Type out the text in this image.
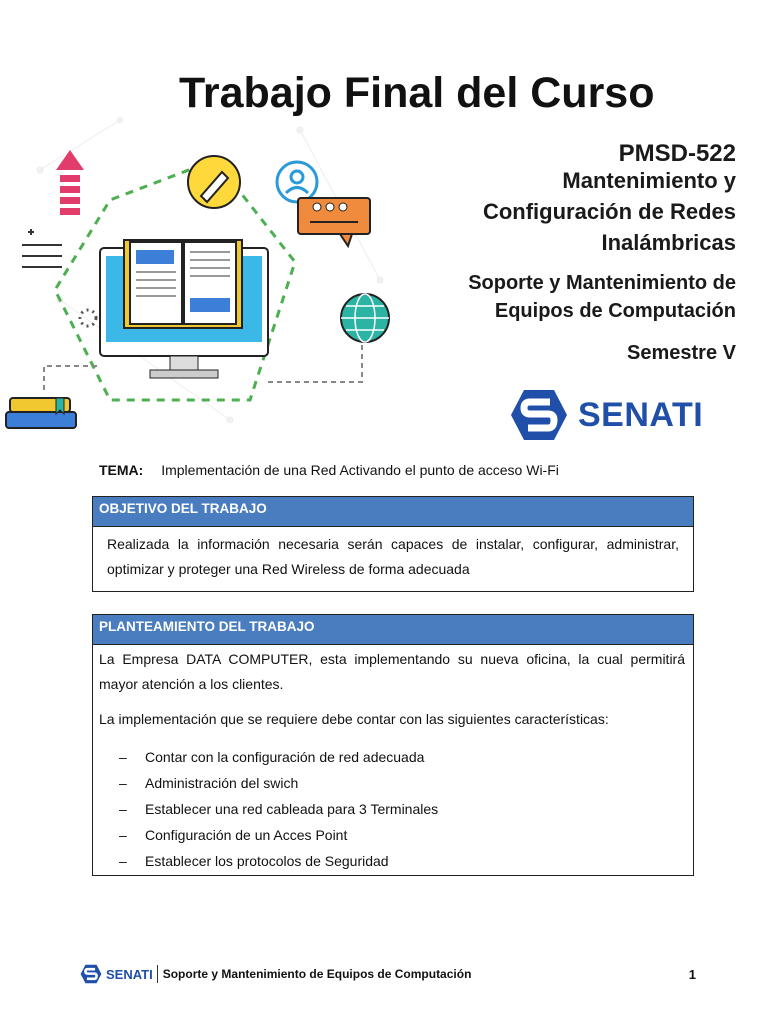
Trabajo Final del Curso
PMSD-522
Mantenimiento y
Configuración de Redes
Inalámbricas
Soporte y Mantenimiento de
Equipos de Computación
Semestre V
SENATI
TEMA: Implementación de una Red Activando el punto de acceso Wi-Fi
OBJETIVO DEL TRABAJO
Realizada la información necesaria serán capaces de instalar, configurar, administrar, optimizar y proteger una Red Wireless de forma adecuada
PLANTEAMIENTO DEL TRABAJO

La Empresa DATA COMPUTER, esta implementando su nueva oficina, la cual permitirá mayor atención a los clientes.

La implementación que se requiere debe contar con las siguientes características:

–	Contar con la configuración de red adecuada
–	Administración del swich
–	Establecer una red cableada para 3 Terminales
–	Configuración de un Acces Point
–	Establecer los protocolos de Seguridad
SENATI Soporte y Mantenimiento de Equipos de Computación	1
